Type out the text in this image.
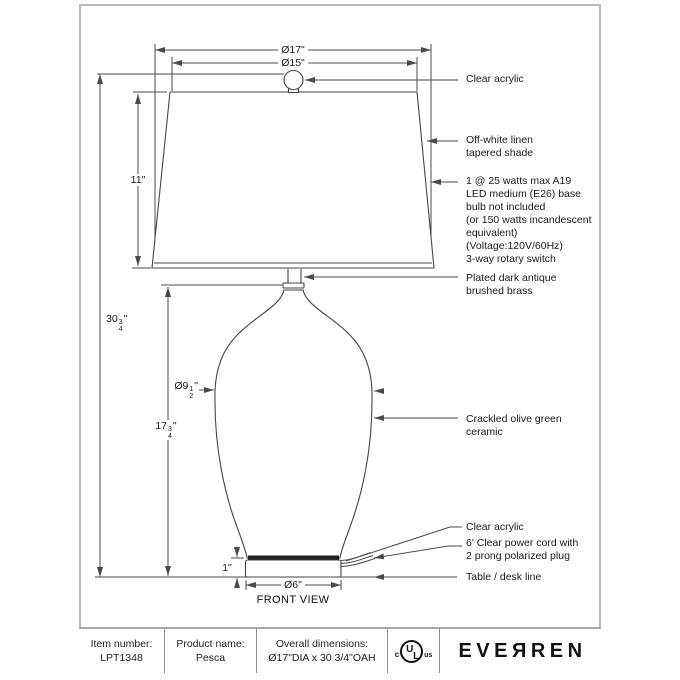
Ø17"
Ø15"
11"
30 3
4
"
17 3
4
"
Ø9 1
2
"
1"
Ø6"
FRONT VIEW
Clear acrylic
Off-white linen
tapered shade
1 @ 25 watts max A19
LED medium (E26) base
bulb not included
(or 150 watts incandescent
equivalent)
(Voltage:120V/60Hz)
3-way rotary switch
Plated dark antique
brushed brass
Crackled olive green
ceramic
Clear acrylic
6' Clear power cord with
2 prong polarized plug
Table / desk line
Item number:
LPT1348
Product name:
Pesca
Overall dimensions:
Ø17"DIA x 30 3/4"OAH c U
L us EVEЯREN
